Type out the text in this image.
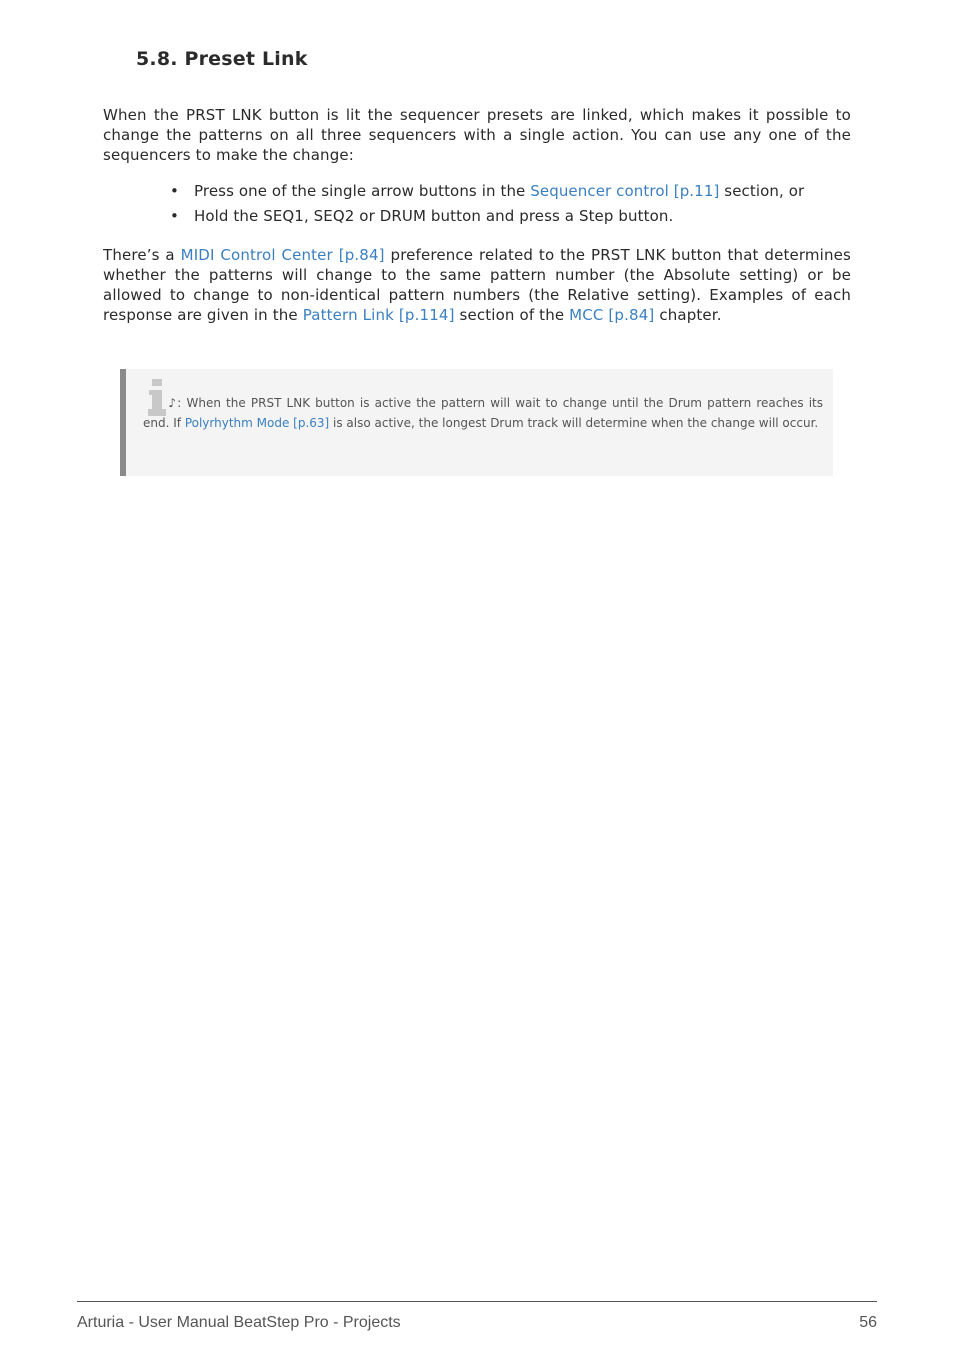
5.8. Preset Link
When the PRST LNK button is lit the sequencer presets are linked, which makes it possible to change the patterns on all three sequencers with a single action. You can use any one of the sequencers to make the change:
• Press one of the single arrow buttons in the Sequencer control [p.11] section, or
• Hold the SEQ1, SEQ2 or DRUM button and press a Step button.
There’s a MIDI Control Center [p.84] preference related to the PRST LNK button that determines whether the patterns will change to the same pattern number (the Absolute setting) or be allowed to change to non-identical pattern numbers (the Relative setting). Examples of each response are given in the Pattern Link [p.114] section of the MCC [p.84] chapter.
♪: When the PRST LNK button is active the pattern will wait to change until the Drum pattern reaches its end. If Polyrhythm Mode [p.63] is also active, the longest Drum track will determine when the change will occur.
Arturia - User Manual BeatStep Pro - Projects	56
